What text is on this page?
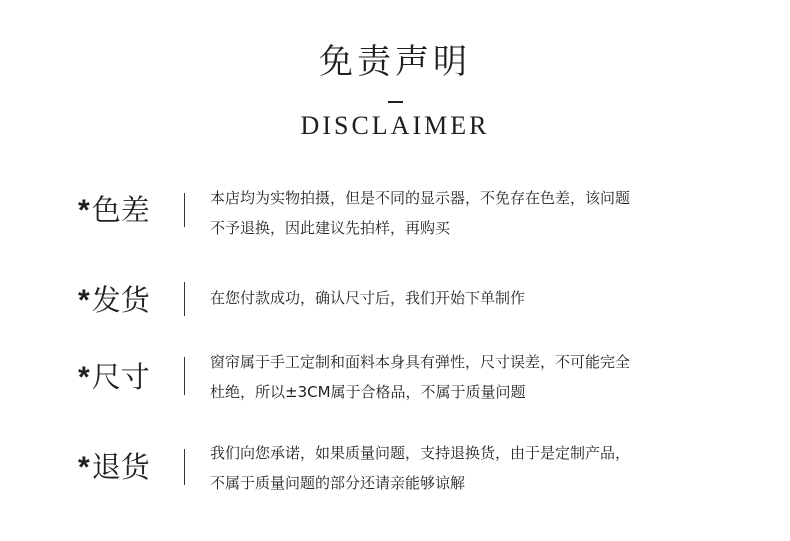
免责声明
DISCLAIMER
*色差	本店均为实物拍摄，但是不同的显示器，不免存在色差，该问题

不予退换，因此建议先拍样，再购买

*发货	在您付款成功，确认尺寸后，我们开始下单制作

*尺寸	窗帘属于手工定制和面料本身具有弹性，尺寸误差，不可能完全

杜绝，所以±3CM属于合格品，不属于质量问题

*退货	我们向您承诺，如果质量问题，支持退换货，由于是定制产品，

不属于质量问题的部分还请亲能够谅解
